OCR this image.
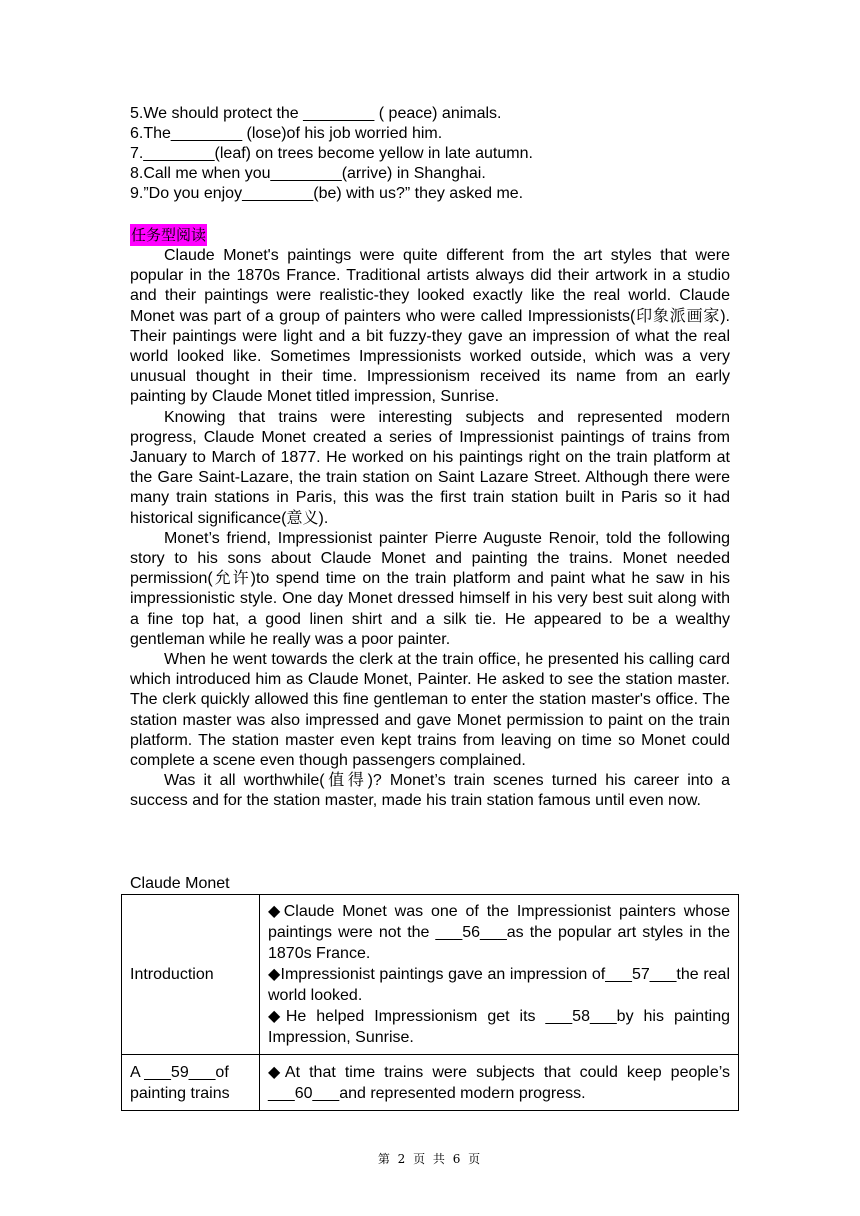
5.We should protect the ________ ( peace) animals.
6.The________ (lose)of his job worried him.
7.________(leaf) on trees become yellow in late autumn.
8.Call me when you________(arrive) in Shanghai.
9.”Do you enjoy________(be) with us?” they asked me.
任务型阅读

Claude Monet's paintings were quite different from the art styles that were popular in the 1870s France. Traditional artists always did their artwork in a studio and their paintings were realistic-they looked exactly like the real world. Claude Monet was part of a group of painters who were called Impressionists(印象派画家). Their paintings were light and a bit fuzzy-they gave an impression of what the real world looked like. Sometimes Impressionists worked outside, which was a very unusual thought in their time. Impressionism received its name from an early painting by Claude Monet titled impression, Sunrise.

Knowing that trains were interesting subjects and represented modern progress, Claude Monet created a series of Impressionist paintings of trains from January to March of 1877. He worked on his paintings right on the train platform at the Gare Saint-Lazare, the train station on Saint Lazare Street. Although there were many train stations in Paris, this was the first train station built in Paris so it had historical significance(意义).

Monet’s friend, Impressionist painter Pierre Auguste Renoir, told the following story to his sons about Claude Monet and painting the trains. Monet needed permission(允许)to spend time on the train platform and paint what he saw in his impressionistic style. One day Monet dressed himself in his very best suit along with a fine top hat, a good linen shirt and a silk tie. He appeared to be a wealthy gentleman while he really was a poor painter.

When he went towards the clerk at the train office, he presented his calling card which introduced him as Claude Monet, Painter. He asked to see the station master. The clerk quickly allowed this fine gentleman to enter the station master's office. The station master was also impressed and gave Monet permission to paint on the train platform. The station master even kept trains from leaving on time so Monet could complete a scene even though passengers complained.

Was it all worthwhile(值得)? Monet’s train scenes turned his career into a success and for the station master, made his train station famous until even now.

Claude Monet
Introduction	◆Claude Monet was one of the Impressionist painters whose paintings were not the ___56___as the popular art styles in the 1870s France.
◆Impressionist paintings gave an impression of___57___the real world looked.
◆He helped Impressionism get its ___58___by his painting Impression, Sunrise.

A ___59___of painting trains	◆At that time trains were subjects that could keep people’s ___60___and represented modern progress.
第 2 页 共 6 页
